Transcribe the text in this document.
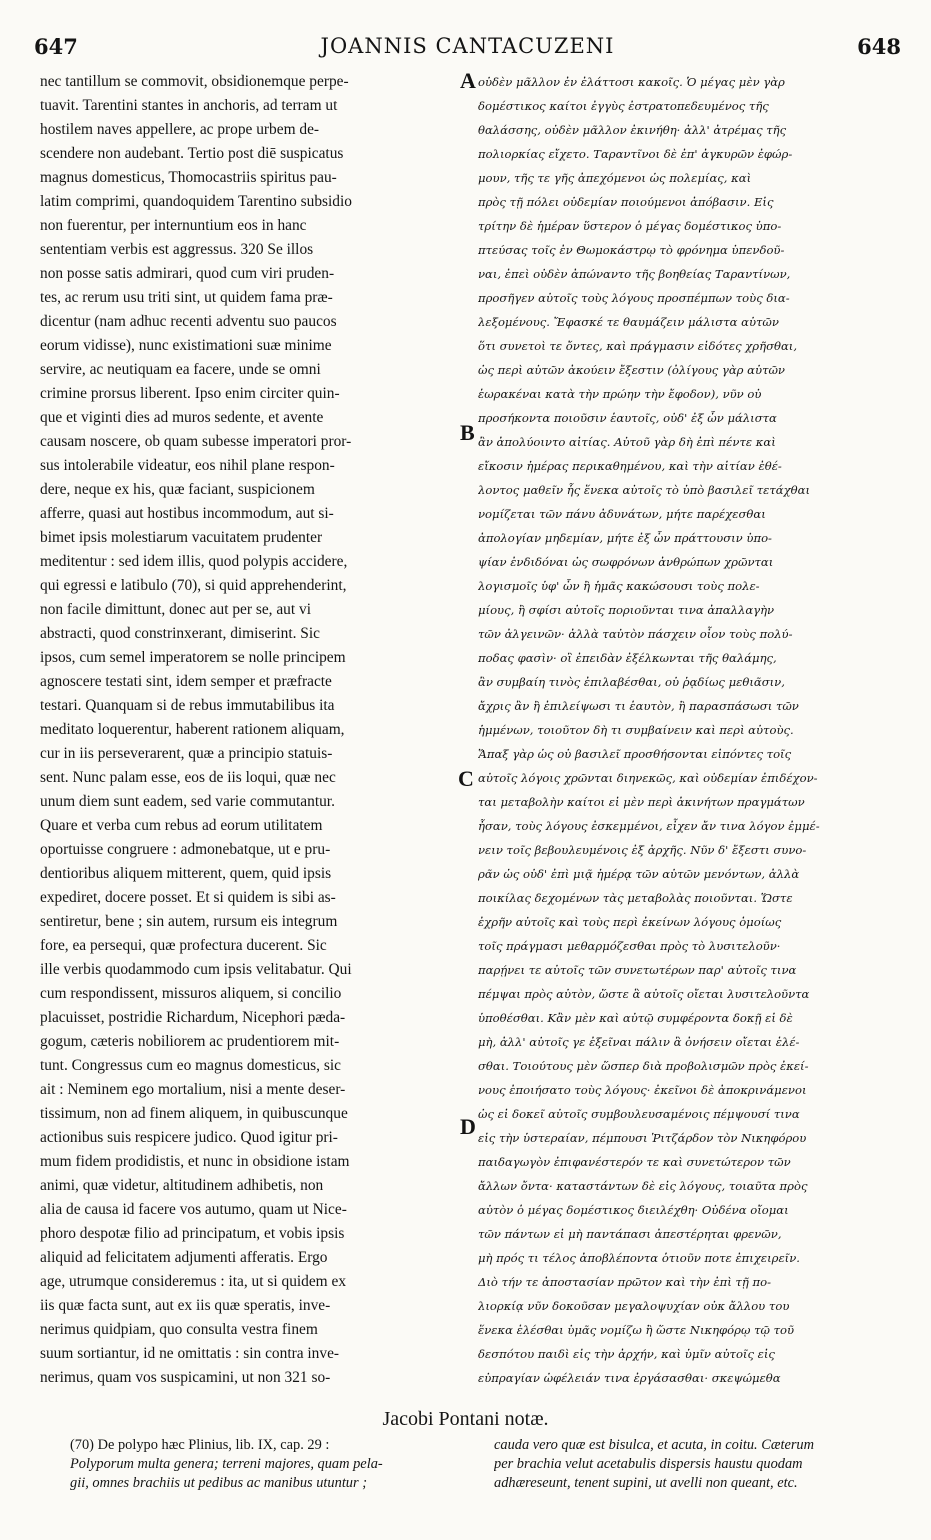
647	JOANNIS CANTACUZENI	648
nec tantillum se commovit, obsidionemque perpe-
tuavit. Tarentini stantes in anchoris, ad terram ut
hostilem naves appellere, ac prope urbem de-
scendere non audebant. Tertio post diē suspicatus
magnus domesticus, Thomocastriis spiritus pau-
latim comprimi, quandoquidem Tarentino subsidio
non fuerentur, per internuntium eos in hanc
sententiam verbis est aggressus. 320 Se illos
non posse satis admirari, quod cum viri pruden-
tes, ac rerum usu triti sint, ut quidem fama præ-
dicentur (nam adhuc recenti adventu suo paucos
eorum vidisse), nunc existimationi suæ minime
servire, ac neutiquam ea facere, unde se omni
crimine prorsus liberent. Ipso enim circiter quin-
que et viginti dies ad muros sedente, et avente
causam noscere, ob quam subesse imperatori pror-
sus intolerabile videatur, eos nihil plane respon-
dere, neque ex his, quæ faciant, suspicionem
afferre, quasi aut hostibus incommodum, aut si-
bimet ipsis molestiarum vacuitatem prudenter
meditentur : sed idem illis, quod polypis accidere,
qui egressi e latibulo (70), si quid apprehenderint,
non facile dimittunt, donec aut per se, aut vi
abstracti, quod constrinxerant, dimiserint. Sic
ipsos, cum semel imperatorem se nolle principem
agnoscere testati sint, idem semper et præfracte
testari. Quanquam si de rebus immutabilibus ita
meditato loquerentur, haberent rationem aliquam,
cur in iis perseverarent, quæ a principio statuis-
sent. Nunc palam esse, eos de iis loqui, quæ nec
unum diem sunt eadem, sed varie commutantur.
Quare et verba cum rebus ad eorum utilitatem
oportuisse congruere : admonebatque, ut e pru-
dentioribus aliquem mitterent, quem, quid ipsis
expediret, docere posset. Et si quidem is sibi as-
sentiretur, bene ; sin autem, rursum eis integrum
fore, ea persequi, quæ profectura ducerent. Sic
ille verbis quodammodo cum ipsis velitabatur. Qui
cum respondissent, missuros aliquem, si concilio
placuisset, postridie Richardum, Nicephori pæda-
gogum, cæteris nobiliorem ac prudentiorem mit-
tunt. Congressus cum eo magnus domesticus, sic
ait : Neminem ego mortalium, nisi a mente deser-
tissimum, non ad finem aliquem, in quibuscunque
actionibus suis respicere judico. Quod igitur pri-
mum fidem prodidistis, et nunc in obsidione istam
animi, quæ videtur, altitudinem adhibetis, non
alia de causa id facere vos autumo, quam ut Nice-
phoro despotæ filio ad principatum, et vobis ipsis
aliquid ad felicitatem adjumenti afferatis. Ergo
age, utrumque consideremus : ita, ut si quidem ex
iis quæ facta sunt, aut ex iis quæ speratis, inve-
nerimus quidpiam, quo consulta vestra finem
suum sortiantur, id ne omittatis : sin contra inve-
nerimus, quam vos suspicamini, ut non 321 so-
οὐδὲν μᾶλλον ἐν ἐλάττοσι κακοῖς. Ὁ μέγας μὲν γὰρ
δομέστικος καίτοι ἐγγὺς ἐστρατοπεδευμένος τῆς
θαλάσσης, οὐδὲν μᾶλλον ἐκινήθη· ἀλλ' ἀτρέμας τῆς
πολιορκίας εἴχετο. Ταραντῖνοι δὲ ἐπ' ἀγκυρῶν ἐφώρ-
μουν, τῆς τε γῆς ἀπεχόμενοι ὡς πολεμίας, καὶ
πρὸς τῇ πόλει οὐδεμίαν ποιούμενοι ἀπόβασιν. Εἰς
τρίτην δὲ ἡμέραν ὕστερον ὁ μέγας δομέστικος ὑπο-
πτεύσας τοῖς ἐν Θωμοκάστρῳ τὸ φρόνημα ὑπενδοῦ-
ναι, ἐπεὶ οὐδὲν ἀπώναντο τῆς βοηθείας Ταραντίνων,
προσῆγεν αὐτοῖς τοὺς λόγους προσπέμπων τοὺς δια-
λεξομένους. Ἔφασκέ τε θαυμάζειν μάλιστα αὐτῶν
ὅτι συνετοὶ τε ὄντες, καὶ πράγμασιν εἰδότες χρῆσθαι,
ὡς περὶ αὐτῶν ἀκούειν ἔξεστιν (ὀλίγους γὰρ αὐτῶν
ἑωρακέναι κατὰ τὴν πρώην τὴν ἔφοδον), νῦν οὐ
προσήκοντα ποιοῦσιν ἑαυτοῖς, οὐδ' ἐξ ὧν μάλιστα
ἂν ἀπολύοιντο αἰτίας. Αὐτοῦ γὰρ δὴ ἐπὶ πέντε καὶ
εἴκοσιν ἡμέρας περικαθημένου, καὶ τὴν αἰτίαν ἐθέ-
λοντος μαθεῖν ἧς ἕνεκα αὐτοῖς τὸ ὑπὸ βασιλεῖ τετάχθαι
νομίζεται τῶν πάνυ ἀδυνάτων, μήτε παρέχεσθαι
ἀπολογίαν μηδεμίαν, μήτε ἐξ ὧν πράττουσιν ὑπο-
ψίαν ἐνδιδόναι ὡς σωφρόνων ἀνθρώπων χρῶνται
λογισμοῖς ὑφ' ὧν ἢ ἡμᾶς κακώσουσι τοὺς πολε-
μίους, ἢ σφίσι αὐτοῖς ποριοῦνται τινα ἀπαλλαγὴν
τῶν ἀλγεινῶν· ἀλλὰ ταὐτὸν πάσχειν οἷον τοὺς πολύ-
ποδας φασὶν· οἳ ἐπειδὰν ἐξέλκωνται τῆς θαλάμης,
ἂν συμβαίη τινὸς ἐπιλαβέσθαι, οὐ ῥᾳδίως μεθιᾶσιν,
ἄχρις ἂν ἢ ἐπιλείψωσι τι ἑαυτὸν, ἢ παρασπάσωσι τῶν
ἡμμένων, τοιοῦτον δὴ τι συμβαίνειν καὶ περὶ αὐτοὺς.
Ἅπαξ γὰρ ὡς οὐ βασιλεῖ προσθήσονται εἰπόντες τοῖς
αὐτοῖς λόγοις χρῶνται διηνεκῶς, καὶ οὐδεμίαν ἐπιδέχον-
ται μεταβολὴν καίτοι εἰ μὲν περὶ ἀκινήτων πραγμάτων
ἦσαν, τοὺς λόγους ἐσκεμμένοι, εἶχεν ἄν τινα λόγον ἐμμέ-
νειν τοῖς βεβουλευμένοις ἐξ ἀρχῆς. Νῦν δ' ἔξεστι συνο-
ρᾶν ὡς οὐδ' ἐπὶ μιᾷ ἡμέρᾳ τῶν αὐτῶν μενόντων, ἀλλὰ
ποικίλας δεχομένων τὰς μεταβολὰς ποιοῦνται. Ὥστε
ἐχρῆν αὐτοῖς καὶ τοὺς περὶ ἐκείνων λόγους ὁμοίως
τοῖς πράγμασι μεθαρμόζεσθαι πρὸς τὸ λυσιτελοῦν·
παρῄνει τε αὐτοῖς τῶν συνετωτέρων παρ' αὐτοῖς τινα
πέμψαι πρὸς αὐτὸν, ὥστε ἃ αὐτοῖς οἴεται λυσιτελοῦντα
ὑποθέσθαι. Κἂν μὲν καὶ αὐτῷ συμφέροντα δοκῇ εἰ δὲ
μὴ, ἀλλ' αὐτοῖς γε ἐξεῖναι πάλιν ἃ ὀνήσειν οἴεται ἑλέ-
σθαι. Τοιούτους μὲν ὥσπερ διὰ προβολισμῶν πρὸς ἐκεί-
νους ἐποιήσατο τοὺς λόγους· ἐκεῖνοι δὲ ἀποκρινάμενοι
ὡς εἰ δοκεῖ αὐτοῖς συμβουλευσαμένοις πέμψουσί τινα
εἰς τὴν ὑστεραίαν, πέμπουσι Ῥιτζάρδον τὸν Νικηφόρου
παιδαγωγὸν ἐπιφανέστερόν τε καὶ συνετώτερον τῶν
ἄλλων ὄντα· καταστάντων δὲ εἰς λόγους, τοιαῦτα πρὸς
αὐτὸν ὁ μέγας δομέστικος διειλέχθη· Οὐδένα οἴομαι
τῶν πάντων εἰ μὴ παντάπασι ἀπεστέρηται φρενῶν,
μὴ πρός τι τέλος ἀποβλέποντα ὁτιοῦν ποτε ἐπιχειρεῖν.
Διὸ τήν τε ἀποστασίαν πρῶτον καὶ τὴν ἐπὶ τῇ πο-
λιορκίᾳ νῦν δοκοῦσαν μεγαλοψυχίαν οὐκ ἄλλου του
ἕνεκα ἑλέσθαι ὑμᾶς νομίζω ἢ ὥστε Νικηφόρῳ τῷ τοῦ
δεσπότου παιδὶ εἰς τὴν ἀρχήν, καὶ ὑμῖν αὐτοῖς εἰς
εὐπραγίαν ὠφέλειάν τινα ἐργάσασθαι· σκεψώμεθα
A
B
C
D
Jacobi Pontani notæ.
(70) De polypo hæc Plinius, lib. IX, cap. 29 :
Polyporum multa genera; terreni majores, quam pela-
gii, omnes brachiis ut pedibus ac manibus utuntur ;
cauda vero quæ est bisulca, et acuta, in coitu. Cæterum
per brachia velut acetabulis dispersis haustu quodam
adhæreseunt, tenent supini, ut avelli non queant, etc.
